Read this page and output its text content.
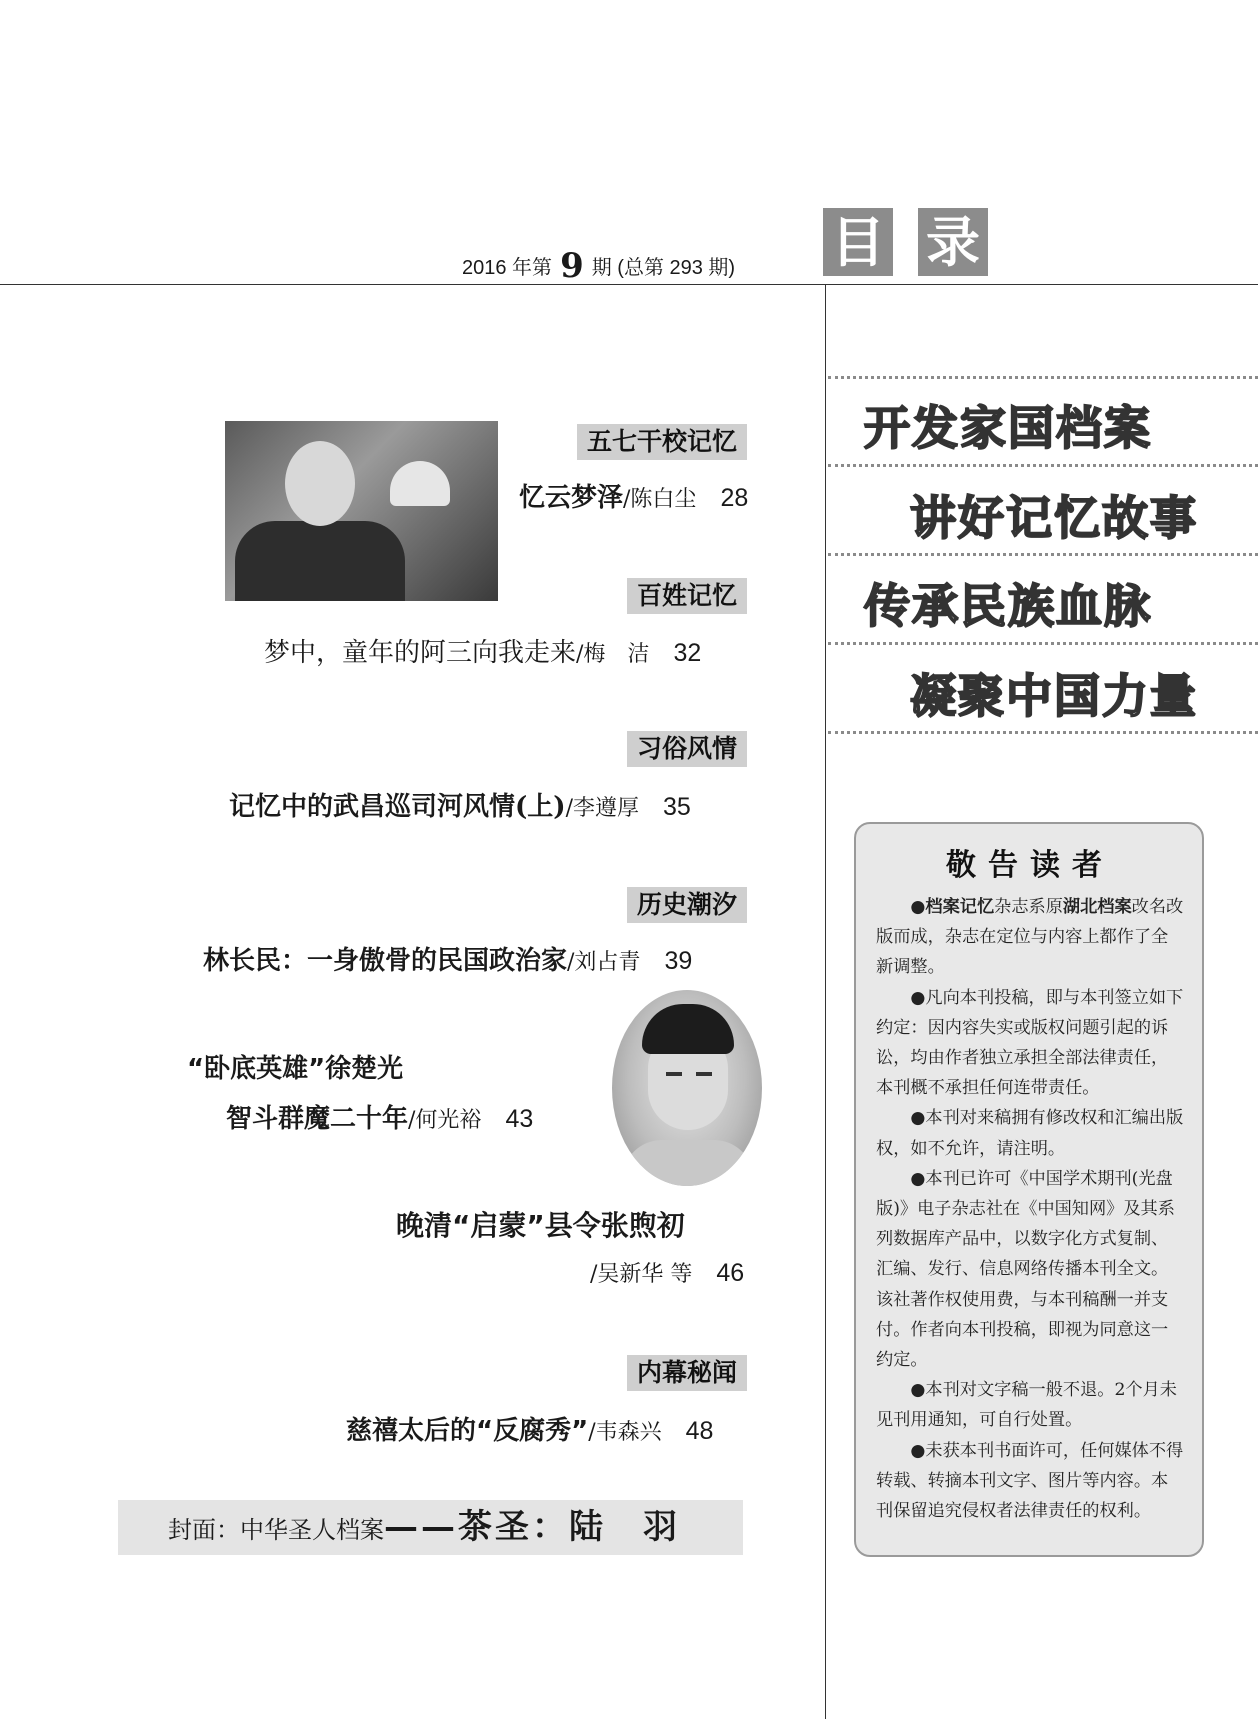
2016 年第 9 期 (总第 293 期) 目 录
开发家国档案
讲好记忆故事
传承民族血脉
凝聚中国力量
五七干校记忆
忆云梦泽/陈白尘 28
百姓记忆
梦中，童年的阿三向我走来/梅　洁 32
习俗风情
记忆中的武昌巡司河风情(上)/李遵厚 35
历史潮汐
林长民：一身傲骨的民国政治家/刘占青 39
“卧底英雄”徐楚光
智斗群魔二十年/何光裕 43
晚清“启蒙”县令张煦初
/吴新华 等 46
内幕秘闻
慈禧太后的“反腐秀”/韦森兴 48
封面：中华圣人档案——茶圣：陆　羽
敬告读者

●档案记忆杂志系原湖北档案改名改版而成，杂志在定位与内容上都作了全新调整。

●凡向本刊投稿，即与本刊签立如下约定：因内容失实或版权问题引起的诉讼，均由作者独立承担全部法律责任，本刊概不承担任何连带责任。

●本刊对来稿拥有修改权和汇编出版权，如不允许，请注明。

●本刊已许可《中国学术期刊(光盘版)》电子杂志社在《中国知网》及其系列数据库产品中，以数字化方式复制、汇编、发行、信息网络传播本刊全文。该社著作权使用费，与本刊稿酬一并支付。作者向本刊投稿，即视为同意这一约定。

●本刊对文字稿一般不退。2个月未见刊用通知，可自行处置。

●未获本刊书面许可，任何媒体不得转载、转摘本刊文字、图片等内容。本刊保留追究侵权者法律责任的权利。
